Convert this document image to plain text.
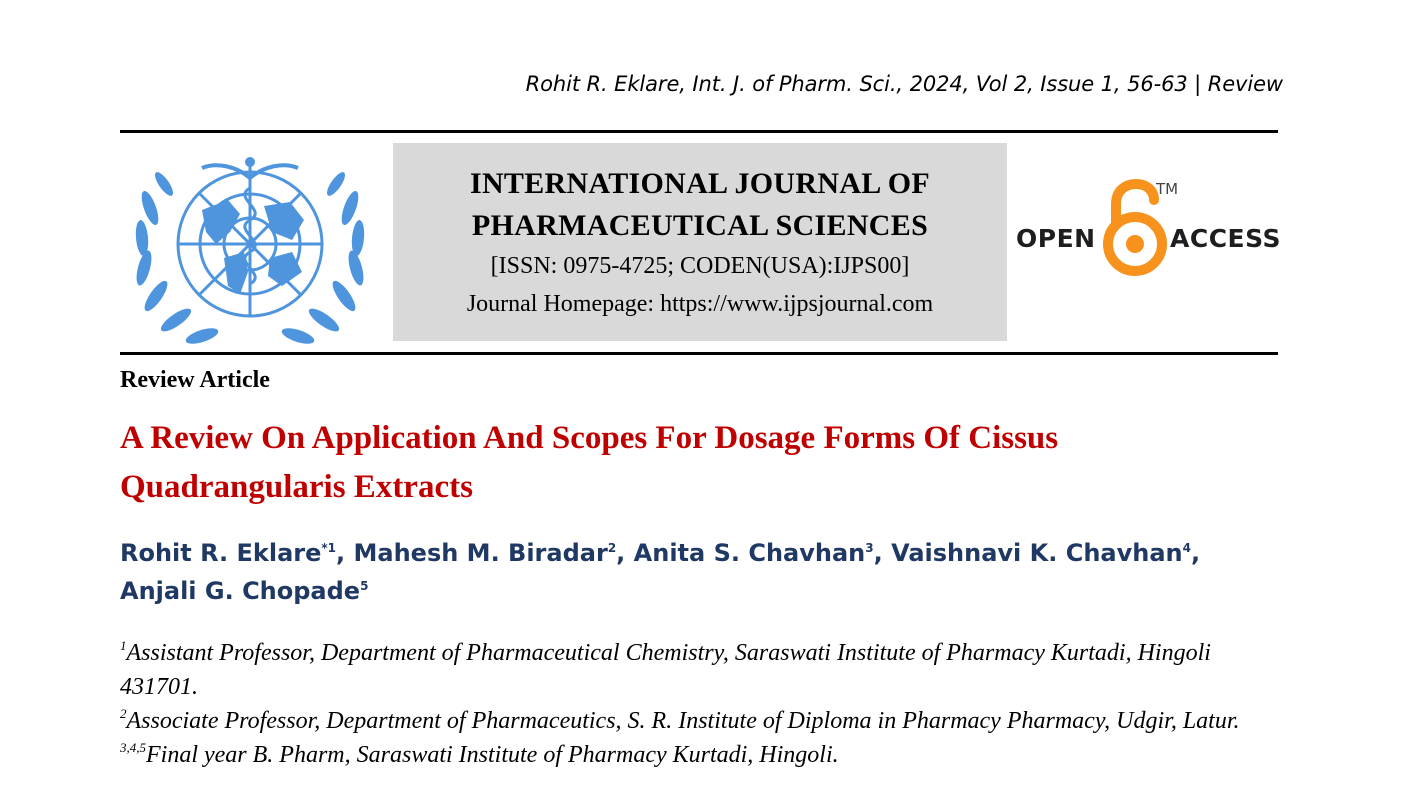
Rohit R. Eklare, Int. J. of Pharm. Sci., 2024, Vol 2, Issue 1, 56-63 | Review
INTERNATIONAL JOURNAL OF
PHARMACEUTICAL SCIENCES
[ISSN: 0975-4725; CODEN(USA):IJPS00]
Journal Homepage: https://www.ijpsjournal.com
OPEN
TM
ACCESS
Review Article
A Review On Application And Scopes For Dosage Forms Of Cissus Quadrangularis Extracts
Rohit R. Eklare$^{*1}$, Mahesh M. Biradar$^2$, Anita S. Chavhan$^3$, Vaishnavi K. Chavhan$^4$, Anjali G. Chopade$^5$
$^1$Assistant Professor, Department of Pharmaceutical Chemistry, Saraswati Institute of Pharmacy Kurtadi, Hingoli 431701.
$^2$Associate Professor, Department of Pharmaceutics, S. R. Institute of Diploma in Pharmacy Pharmacy, Udgir, Latur.
$^{3,4,5}$Final year B. Pharm, Saraswati Institute of Pharmacy Kurtadi, Hingoli.
